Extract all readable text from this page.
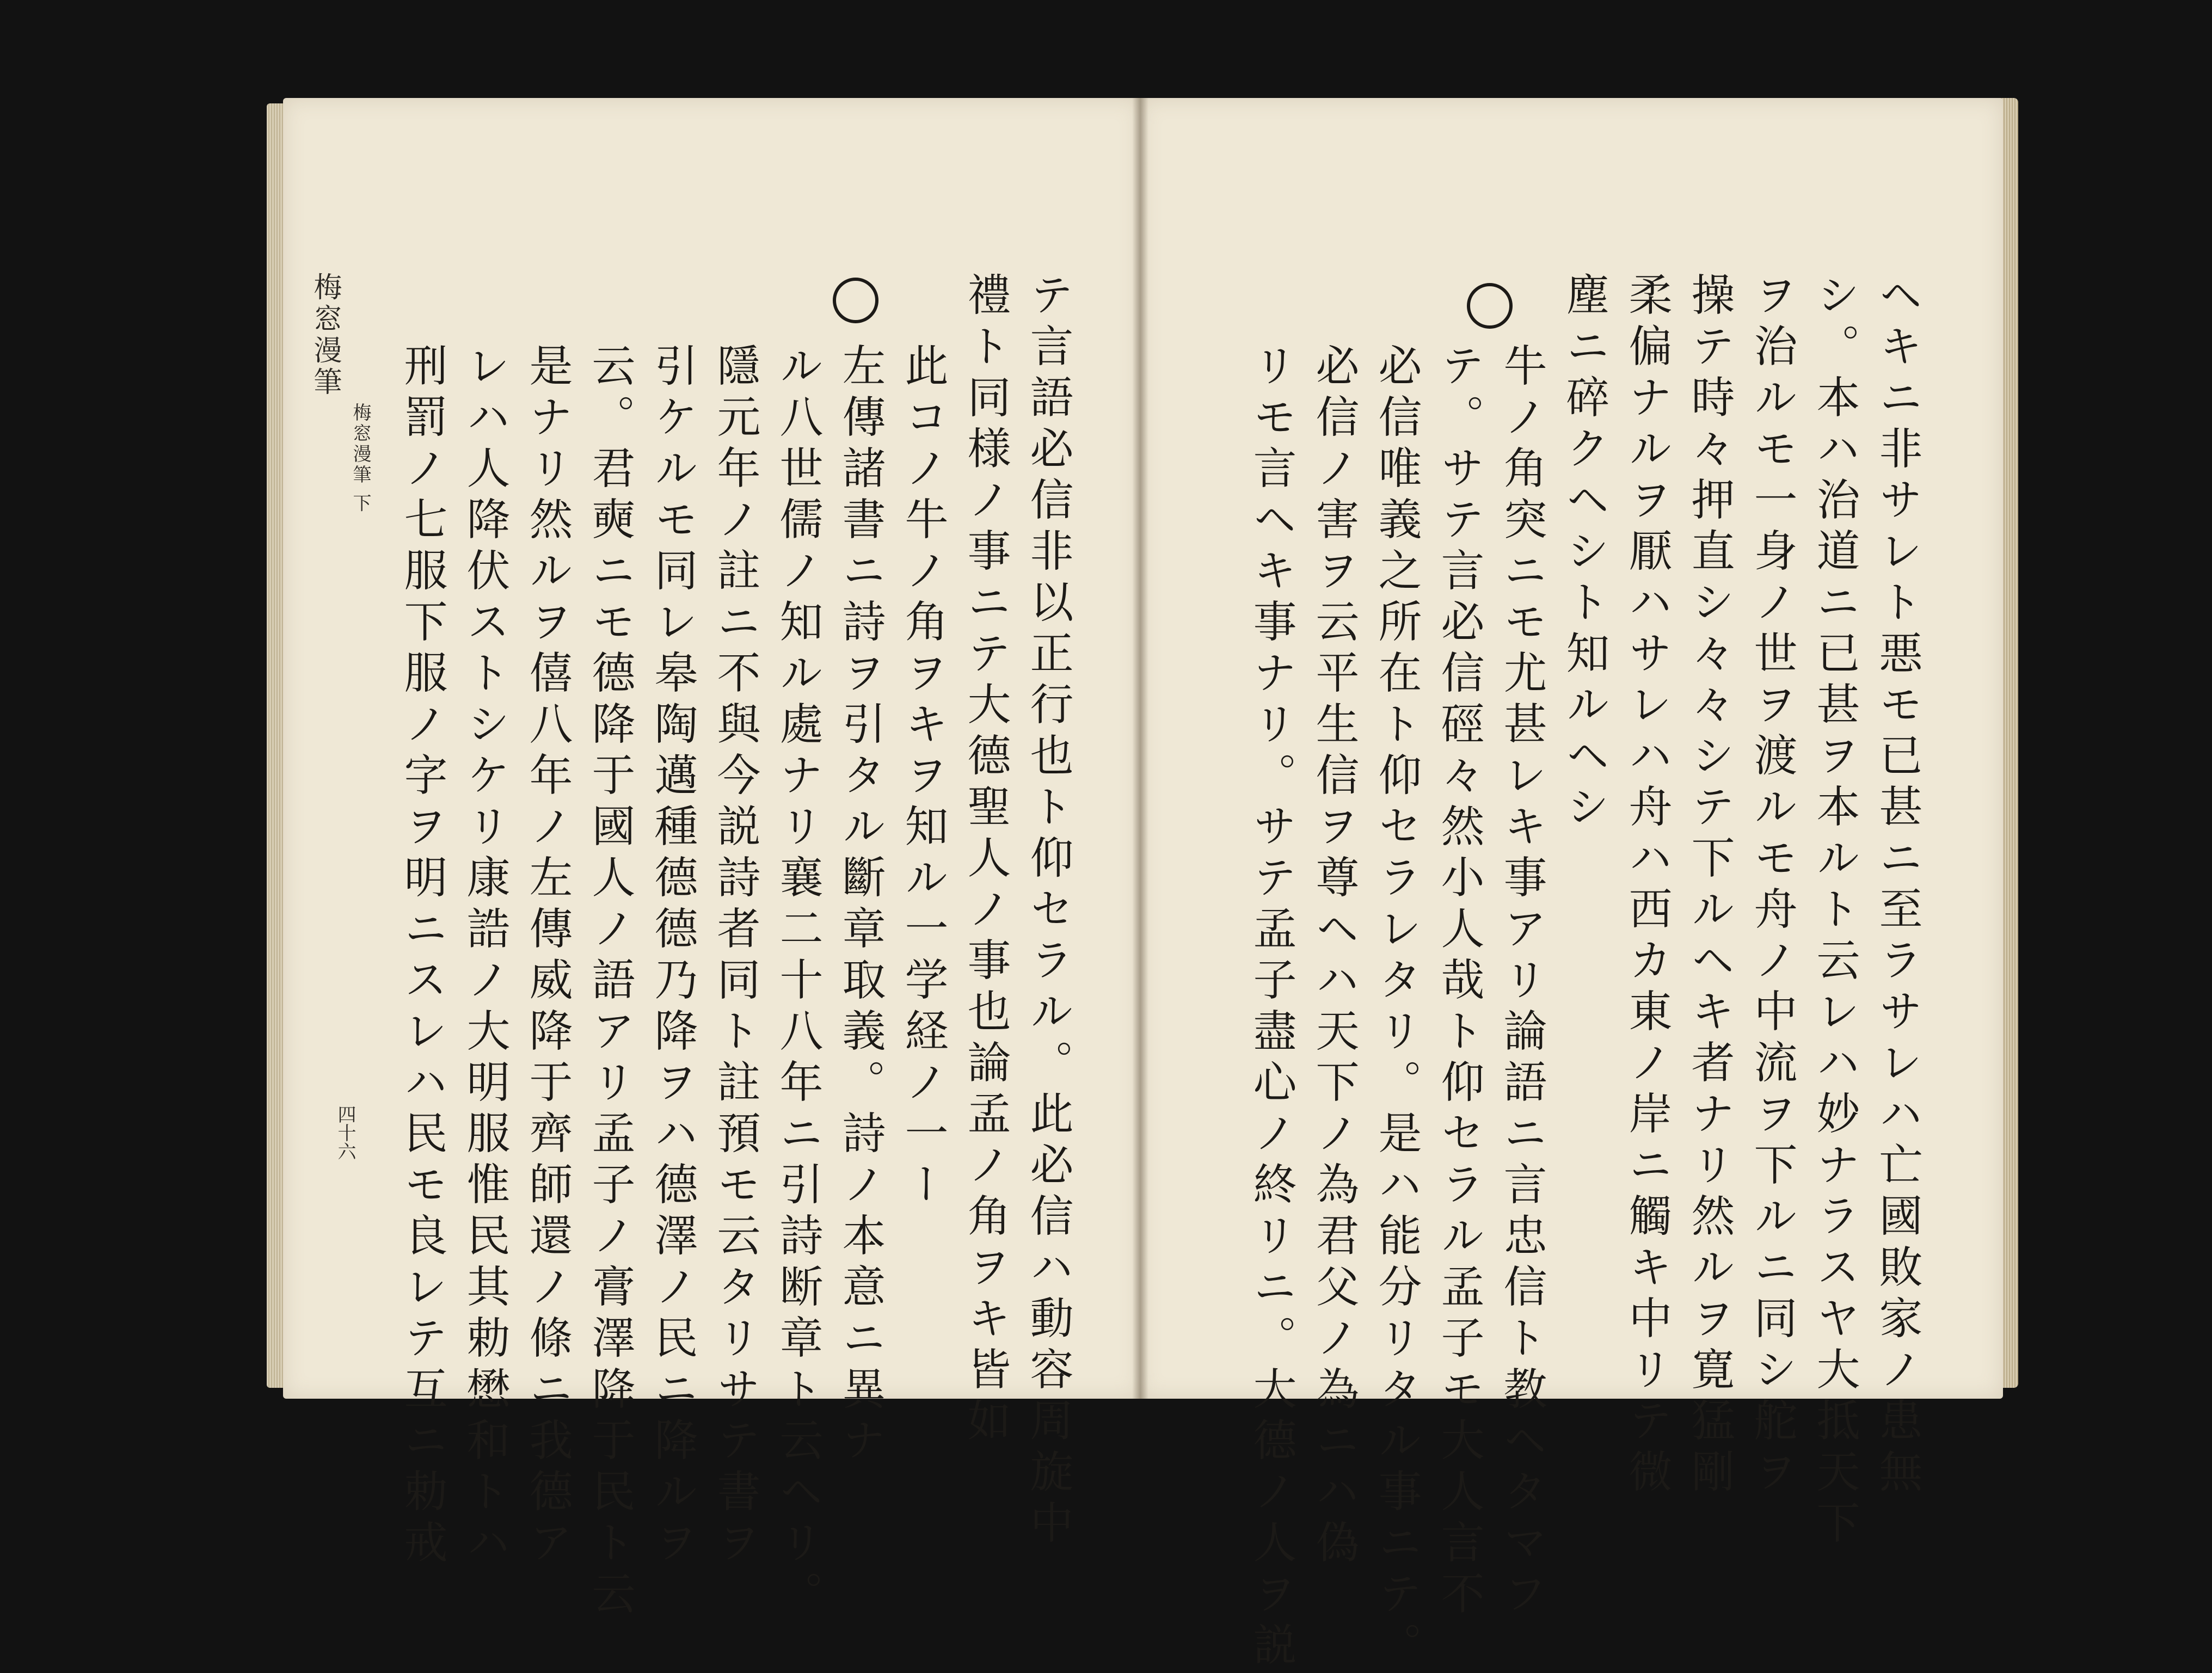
梅窓漫筆
梅窓漫筆 下
四十六	テ言語必信非以正行也ト仰セラル。此必信ハ動容周旋中
禮ト同様ノ事ニテ大德聖人ノ事也論孟ノ角ヲキ皆如
此コノ牛ノ角ヲキヲ知ル一学経ノ一ー
左傳諸書ニ詩ヲ引タル斷章取義。詩ノ本意ニ異ナ
ル八世儒ノ知ル處ナリ襄二十八年ニ引詩断章ト云ヘリ。
隱元年ノ註ニ不與今説詩者同ト註預モ云タリサテ書ヲ
引ケルモ同レ皋陶邁種德德乃降ヲハ德澤ノ民ニ降ルヲ
云。君奭ニモ德降于國人ノ語アリ孟子ノ膏澤降于民ト云
是ナリ然ルヲ僖八年ノ左傳威降于齊師還ノ條ニ我德ア
レハ人降伏ストシケリ康誥ノ大明服惟民其勅懋和トハ
刑罰ノ七服下服ノ字ヲ明ニスレハ民モ良レテ互ニ勅戒	ヘキニ非サレト悪モ已甚ニ至ラサレハ亡國敗家ノ患無
シ。本ハ治道ニ已甚ヲ本ルト云レハ妙ナラスヤ大抵天下
ヲ治ルモ一身ノ世ヲ渡ルモ舟ノ中流ヲ下ルニ同シ舵ヲ
操テ時々押直シ々々シテ下ルヘキ者ナリ然ルヲ寛猛剛
柔偏ナルヲ厭ハサレハ舟ハ西カ東ノ岸ニ觸キ中リテ微
塵ニ碎クヘシト知ルヘシ
牛ノ角突ニモ尤甚レキ事アリ論語ニ言忠信ト教ヘタマフ
テ。サテ言必信硜々然小人哉ト仰セラル孟子モ大人言不
必信唯義之所在ト仰セラレタリ。是ハ能分リタル事ニテ。
必信ノ害ヲ云平生信ヲ尊ヘハ天下ノ為君父ノ為ニハ偽
リモ言ヘキ事ナリ。サテ孟子盡心ノ終リニ。大德ノ人ヲ説
